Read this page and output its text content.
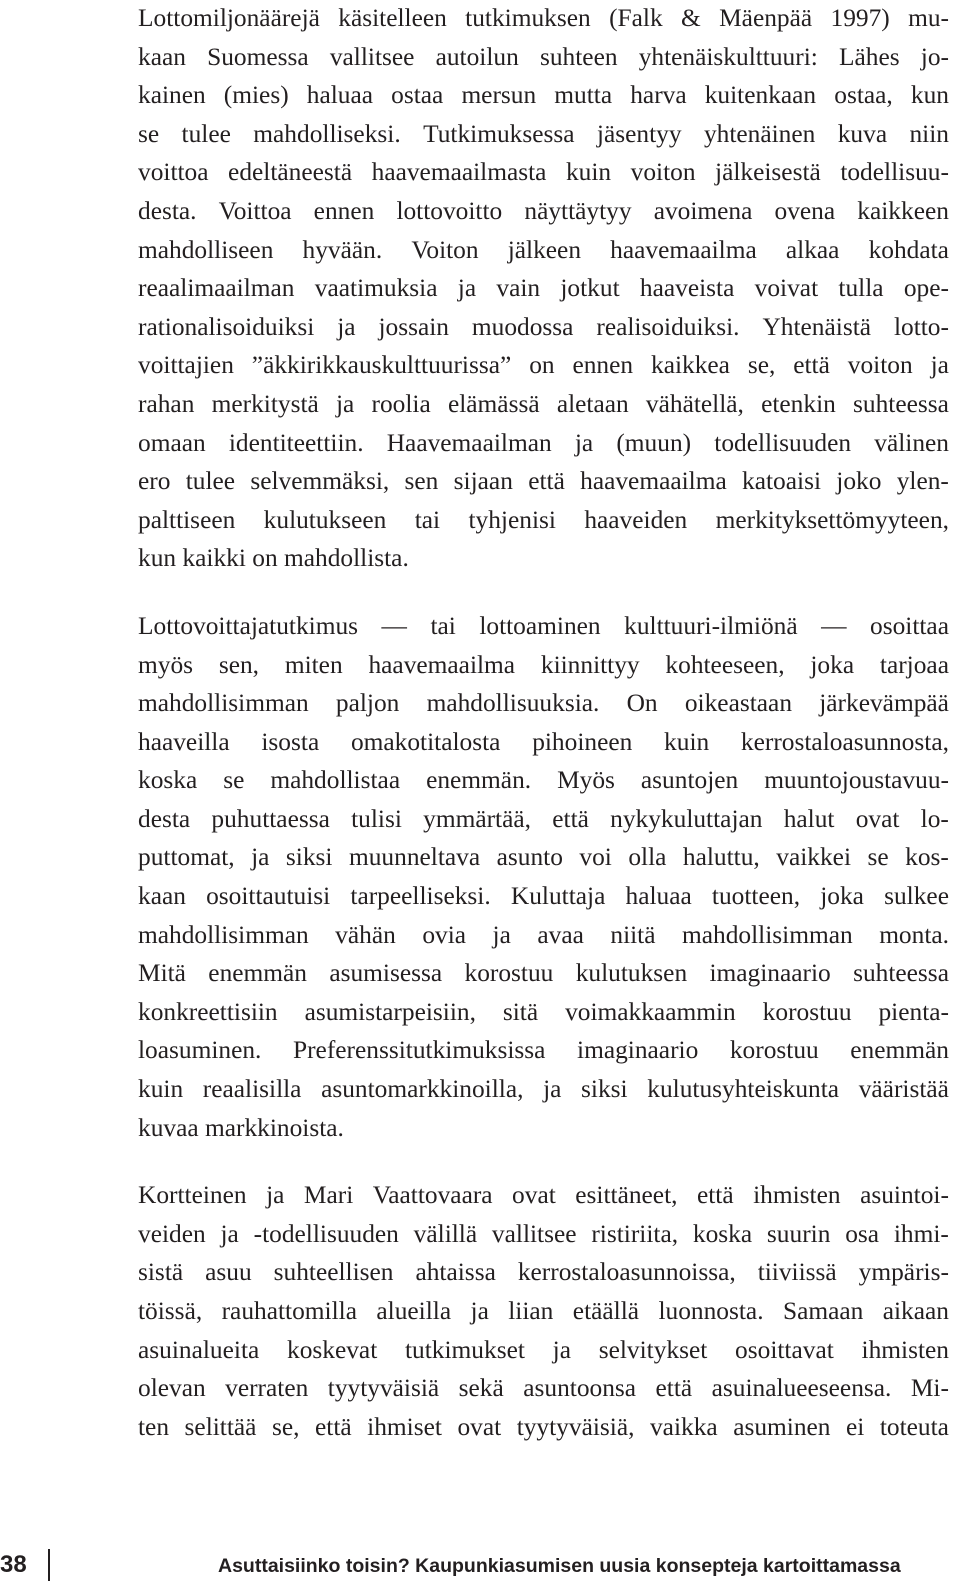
Lottomiljonäärejä käsitelleen tutkimuksen (Falk & Mäenpää 1997) mu-
kaan Suomessa vallitsee autoilun suhteen yhtenäiskulttuuri: Lähes jo-
kainen (mies) haluaa ostaa mersun mutta harva kuitenkaan ostaa, kun
se tulee mahdolliseksi. Tutkimuksessa jäsentyy yhtenäinen kuva niin
voittoa edeltäneestä haavemaailmasta kuin voiton jälkeisestä todellisuu-
desta. Voittoa ennen lottovoitto näyttäytyy avoimena ovena kaikkeen
mahdolliseen hyvään. Voiton jälkeen haavemaailma alkaa kohdata
reaalimaailman vaatimuksia ja vain jotkut haaveista voivat tulla ope-
rationalisoiduiksi ja jossain muodossa realisoiduiksi. Yhtenäistä lotto-
voittajien ”äkkirikkauskulttuurissa” on ennen kaikkea se, että voiton ja
rahan merkitystä ja roolia elämässä aletaan vähätellä, etenkin suhteessa
omaan identiteettiin. Haavemaailman ja (muun) todellisuuden välinen
ero tulee selvemmäksi, sen sijaan että haavemaailma katoaisi joko ylen-
palttiseen kulutukseen tai tyhjenisi haaveiden merkityksettömyyteen,
kun kaikki on mahdollista.
Lottovoittajatutkimus — tai lottoaminen kulttuuri-ilmiönä — osoittaa
myös sen, miten haavemaailma kiinnittyy kohteeseen, joka tarjoaa
mahdollisimman paljon mahdollisuuksia. On oikeastaan järkevämpää
haaveilla isosta omakotitalosta pihoineen kuin kerrostaloasunnosta,
koska se mahdollistaa enemmän. Myös asuntojen muuntojoustavuu-
desta puhuttaessa tulisi ymmärtää, että nykykuluttajan halut ovat lo-
puttomat, ja siksi muunneltava asunto voi olla haluttu, vaikkei se kos-
kaan osoittautuisi tarpeelliseksi. Kuluttaja haluaa tuotteen, joka sulkee
mahdollisimman vähän ovia ja avaa niitä mahdollisimman monta.
Mitä enemmän asumisessa korostuu kulutuksen imaginaario suhteessa
konkreettisiin asumistarpeisiin, sitä voimakkaammin korostuu pienta-
loasuminen. Preferenssitutkimuksissa imaginaario korostuu enemmän
kuin reaalisilla asuntomarkkinoilla, ja siksi kulutusyhteiskunta vääristää
kuvaa markkinoista.
Kortteinen ja Mari Vaattovaara ovat esittäneet, että ihmisten asuintoi-
veiden ja -todellisuuden välillä vallitsee ristiriita, koska suurin osa ihmi-
sistä asuu suhteellisen ahtaissa kerrostaloasunnoissa, tiiviissä ympäris-
töissä, rauhattomilla alueilla ja liian etäällä luonnosta. Samaan aikaan
asuinalueita koskevat tutkimukset ja selvitykset osoittavat ihmisten
olevan verraten tyytyväisiä sekä asuntoonsa että asuinalueeseensa. Mi-
ten selittää se, että ihmiset ovat tyytyväisiä, vaikka asuminen ei toteuta
38	Asuttaisiinko toisin? Kaupunkiasumisen uusia konsepteja kartoittamassa
